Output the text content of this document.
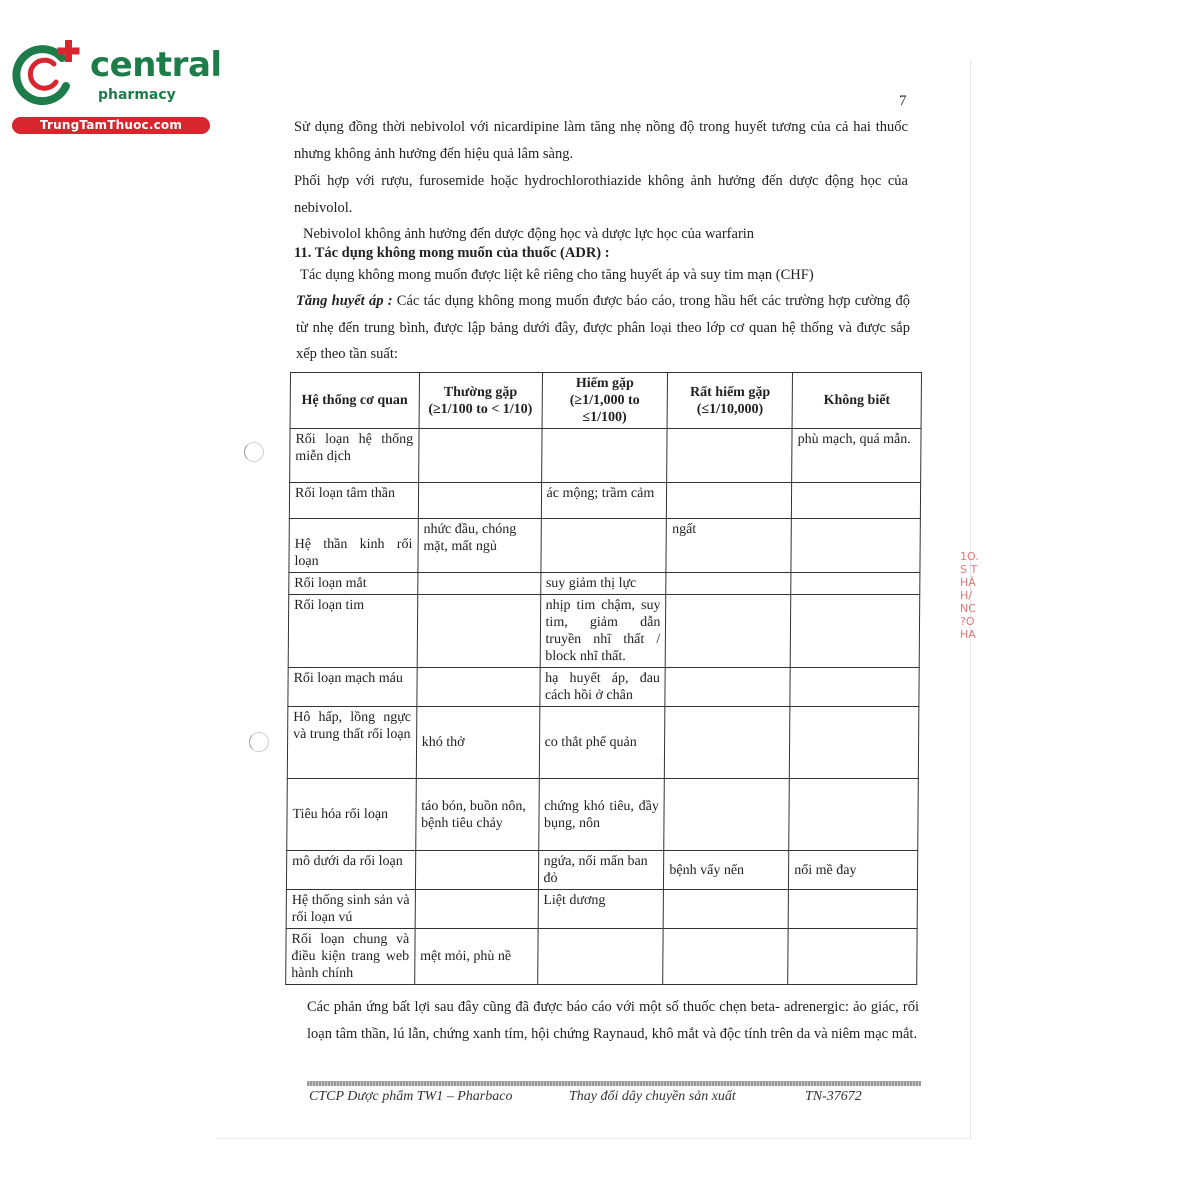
central
pharmacy
TrungTamThuoc.com
1O.
S T
HÁ
H/
NC
?O
HA
7
Sử dụng đồng thời nebivolol với nicardipine làm tăng nhẹ nồng độ trong huyết tương của cả hai thuốc nhưng không ảnh hưởng đến hiệu quả lâm sàng.
Phối hợp với rượu, furosemide hoặc hydrochlorothiazide không ảnh hưởng đến dược động học của nebivolol.
Nebivolol không ảnh hưởng đến dược động học và dược lực học của warfarin
11. Tác dụng không mong muốn của thuốc (ADR) :
Tác dụng không mong muốn được liệt kê riêng cho tăng huyết áp và suy tim mạn (CHF)
Tăng huyết áp : Các tác dụng không mong muốn được báo cáo, trong hầu hết các trường hợp cường độ từ nhẹ đến trung bình, được lập bảng dưới đây, được phân loại theo lớp cơ quan hệ thống và được sắp xếp theo tần suất:
Hệ thống cơ quan	Thường gặp (≥1/100 to < 1/10)	Hiếm gặp (≥1/1,000 to ≤1/100)	Rất hiếm gặp (≤1/10,000)	Không biết
Rối loạn hệ thống miễn dịch				phù mạch, quá mẫn.
Rối loạn tâm thần		ác mộng; trầm cảm		
Hệ thần kinh rối loạn	nhức đầu, chóng mặt, mất ngủ		ngất	
Rối loạn mắt		suy giảm thị lực		
Rối loạn tim		nhịp tim chậm, suy tim, giảm dẫn truyền nhĩ thất / block nhĩ thất.		
Rối loạn mạch máu		hạ huyết áp, đau cách hồi ở chân		
Hô hấp, lồng ngực và trung thất rối loạn	khó thở	co thắt phế quản		
Tiêu hóa rối loạn	táo bón, buồn nôn, bệnh tiêu chảy	chứng khó tiêu, đầy bụng, nôn		
mô dưới da rối loạn		ngứa, nổi mẩn ban đỏ	bệnh vẩy nến	nổi mề đay
Hệ thống sinh sản và rối loạn vú		Liệt dương		
Rối loạn chung và điều kiện trang web hành chính	mệt mỏi, phù nề			
Các phản ứng bất lợi sau đây cũng đã được báo cáo với một số thuốc chẹn beta- adrenergic: ảo giác, rối loạn tâm thần, lú lẫn, chứng xanh tím, hội chứng Raynaud, khô mắt và độc tính trên da và niêm mạc mắt.
CTCP Dược phẩm TW1 – Pharbaco	Thay đổi dây chuyền sản xuất	TN-37672
